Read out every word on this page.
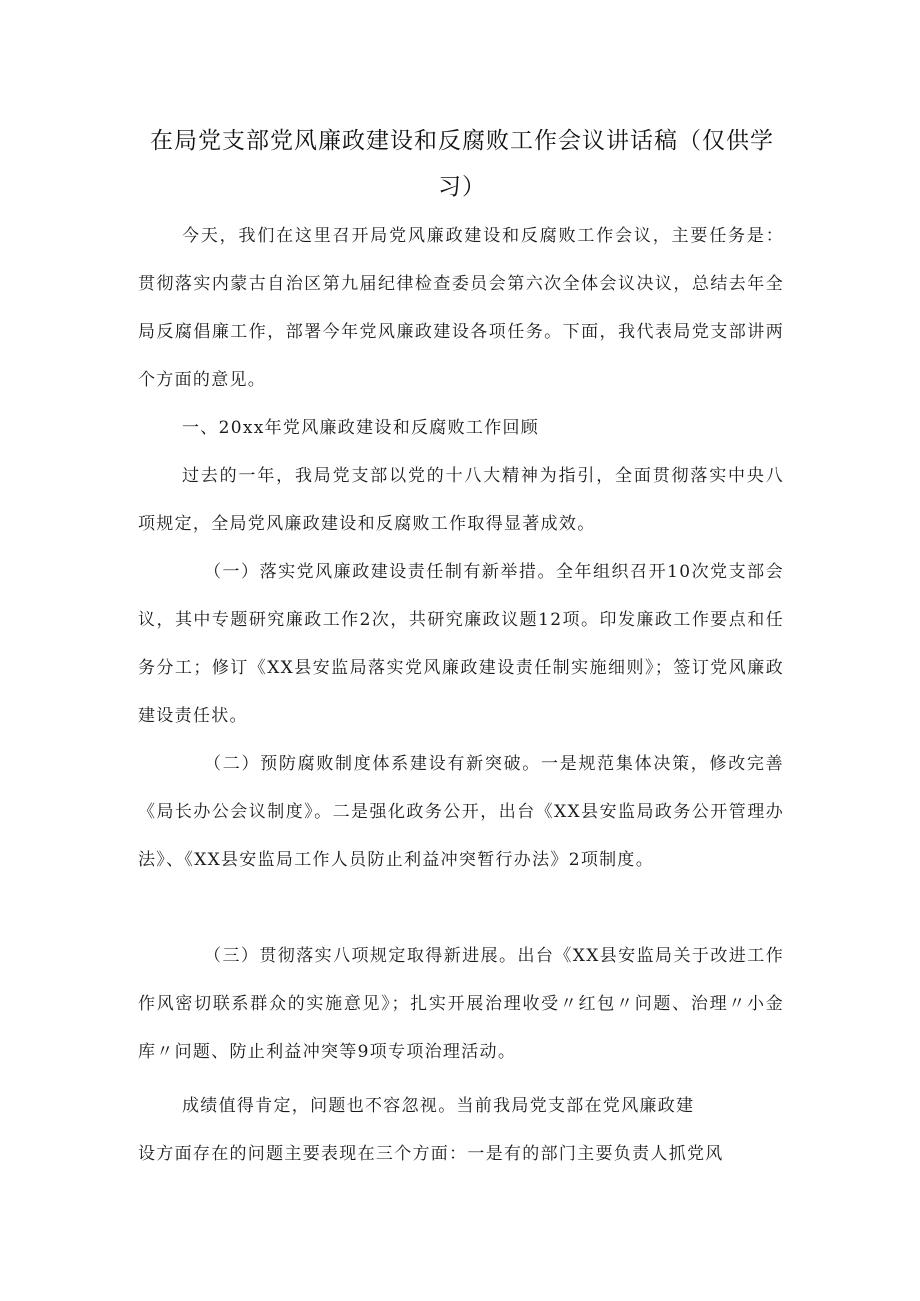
在局党支部党风廉政建设和反腐败工作会议讲话稿（仅供学习）

今天，我们在这里召开局党风廉政建设和反腐败工作会议，主要任务是：贯彻落实内蒙古自治区第九届纪律检查委员会第六次全体会议决议，总结去年全局反腐倡廉工作，部署今年党风廉政建设各项任务。下面，我代表局党支部讲两个方面的意见。

一、20xx年党风廉政建设和反腐败工作回顾

过去的一年，我局党支部以党的十八大精神为指引，全面贯彻落实中央八项规定，全局党风廉政建设和反腐败工作取得显著成效。

（一）落实党风廉政建设责任制有新举措。全年组织召开10次党支部会议，其中专题研究廉政工作2次，共研究廉政议题12项。印发廉政工作要点和任务分工；修订《XX县安监局落实党风廉政建设责任制实施细则》；签订党风廉政建设责任状。

（二）预防腐败制度体系建设有新突破。一是规范集体决策，修改完善《局长办公会议制度》。二是强化政务公开，出台《XX县安监局政务公开管理办法》、《XX县安监局工作人员防止利益冲突暂行办法》2项制度。

（三）贯彻落实八项规定取得新进展。出台《XX县安监局关于改进工作作风密切联系群众的实施意见》；扎实开展治理收受〃红包〃问题、治理〃小金库〃问题、防止利益冲突等9项专项治理活动。

成绩值得肯定，问题也不容忽视。当前我局党支部在党风廉政建

设方面存在的问题主要表现在三个方面：一是有的部门主要负责人抓党风
